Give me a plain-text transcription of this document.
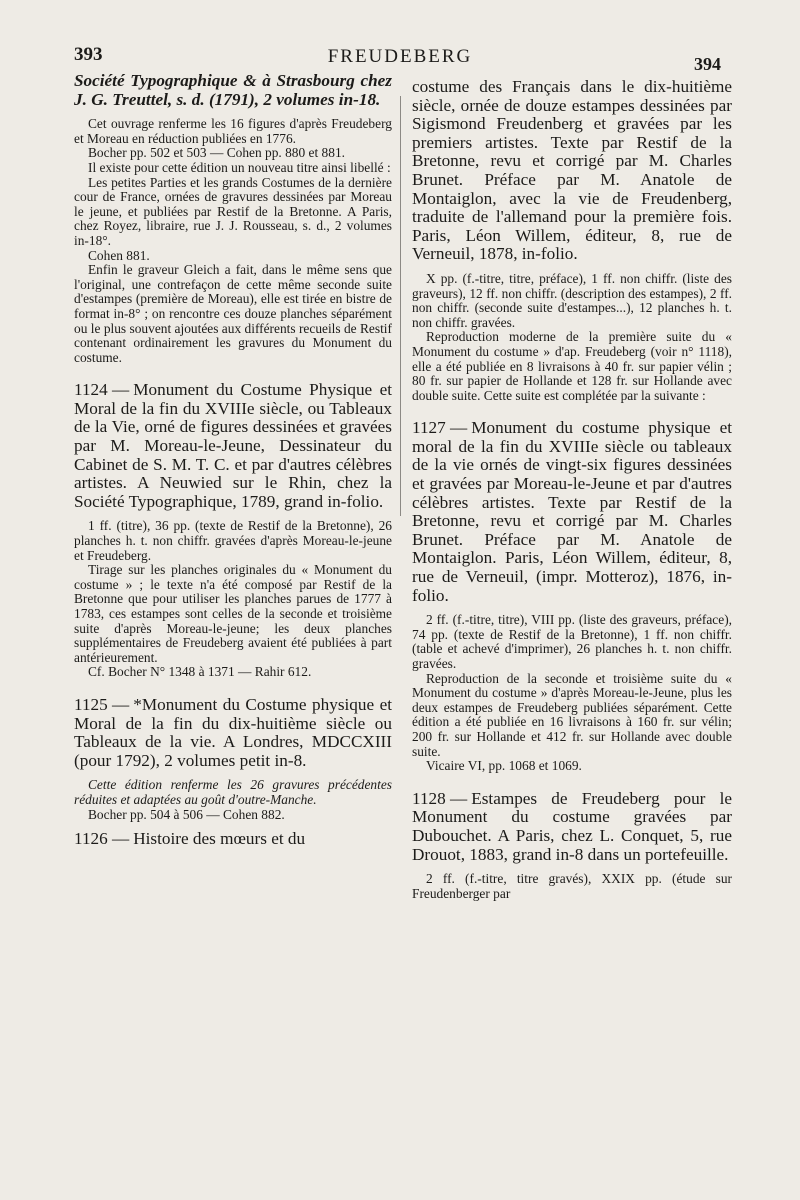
393	FREUDEBERG	394

Société Typographique & à Strasbourg chez J. G. Treuttel, s. d. (1791), 2 volumes in-18.

Cet ouvrage renferme les 16 figures d'après Freudeberg et Moreau en réduction publiées en 1776.

Bocher pp. 502 et 503 — Cohen pp. 880 et 881.

Il existe pour cette édition un nouveau titre ainsi libellé :

Les petites Parties et les grands Costumes de la dernière cour de France, ornées de gravures dessinées par Moreau le jeune, et publiées par Restif de la Bretonne. A Paris, chez Royez, libraire, rue J. J. Rousseau, s. d., 2 volumes in-18°.

Cohen 881.

Enfin le graveur Gleich a fait, dans le même sens que l'original, une contrefaçon de cette même seconde suite d'estampes (première de Moreau), elle est tirée en bistre de format in-8° ; on rencontre ces douze planches séparément ou le plus souvent ajoutées aux différents recueils de Restif contenant ordinairement les gravures du Monument du costume.

1124 — Monument du Costume Physique et Moral de la fin du XVIIIe siècle, ou Tableaux de la Vie, orné de figures dessinées et gravées par M. Moreau-le-Jeune, Dessinateur du Cabinet de S. M. T. C. et par d'autres célèbres artistes. A Neuwied sur le Rhin, chez la Société Typographique, 1789, grand in-folio.

1 ff. (titre), 36 pp. (texte de Restif de la Bretonne), 26 planches h. t. non chiffr. gravées d'après Moreau-le-jeune et Freudeberg.

Tirage sur les planches originales du « Monument du costume » ; le texte n'a été composé par Restif de la Bretonne que pour utiliser les planches parues de 1777 à 1783, ces estampes sont celles de la seconde et troisième suite d'après Moreau-le-jeune; les deux planches supplémentaires de Freudeberg avaient été publiées à part antérieurement.

Cf. Bocher N° 1348 à 1371 — Rahir 612.

1125 — *Monument du Costume physique et Moral de la fin du dix-huitième siècle ou Tableaux de la vie. A Londres, MDCCXIII (pour 1792), 2 volumes petit in-8.

Cette édition renferme les 26 gravures précédentes réduites et adaptées au goût d'outre-Manche.

Bocher pp. 504 à 506 — Cohen 882.

1126 — Histoire des mœurs et du

costume des Français dans le dix-huitième siècle, ornée de douze estampes dessinées par Sigismond Freudenberg et gravées par les premiers artistes. Texte par Restif de la Bretonne, revu et corrigé par M. Charles Brunet. Préface par M. Anatole de Montaiglon, avec la vie de Freudenberg, traduite de l'allemand pour la première fois. Paris, Léon Willem, éditeur, 8, rue de Verneuil, 1878, in-folio.

X pp. (f.-titre, titre, préface), 1 ff. non chiffr. (liste des graveurs), 12 ff. non chiffr. (description des estampes), 2 ff. non chiffr. (seconde suite d'estampes...), 12 planches h. t. non chiffr. gravées.

Reproduction moderne de la première suite du « Monument du costume » d'ap. Freudeberg (voir n° 1118), elle a été publiée en 8 livraisons à 40 fr. sur papier vélin ; 80 fr. sur papier de Hollande et 128 fr. sur Hollande avec double suite. Cette suite est complétée par la suivante :

1127 — Monument du costume physique et moral de la fin du XVIIIe siècle ou tableaux de la vie ornés de vingt-six figures dessinées et gravées par Moreau-le-Jeune et par d'autres célèbres artistes. Texte par Restif de la Bretonne, revu et corrigé par M. Charles Brunet. Préface par M. Anatole de Montaiglon. Paris, Léon Willem, éditeur, 8, rue de Verneuil, (impr. Motteroz), 1876, in-folio.

2 ff. (f.-titre, titre), VIII pp. (liste des graveurs, préface), 74 pp. (texte de Restif de la Bretonne), 1 ff. non chiffr. (table et achevé d'imprimer), 26 planches h. t. non chiffr. gravées.

Reproduction de la seconde et troisième suite du « Monument du costume » d'après Moreau-le-Jeune, plus les deux estampes de Freudeberg publiées séparément. Cette édition a été publiée en 16 livraisons à 160 fr. sur vélin; 200 fr. sur Hollande et 412 fr. sur Hollande avec double suite.

Vicaire VI, pp. 1068 et 1069.

1128 — Estampes de Freudeberg pour le Monument du costume gravées par Dubouchet. A Paris, chez L. Conquet, 5, rue Drouot, 1883, grand in-8 dans un portefeuille.

2 ff. (f.-titre, titre gravés), XXIX pp. (étude sur Freudenberger par
